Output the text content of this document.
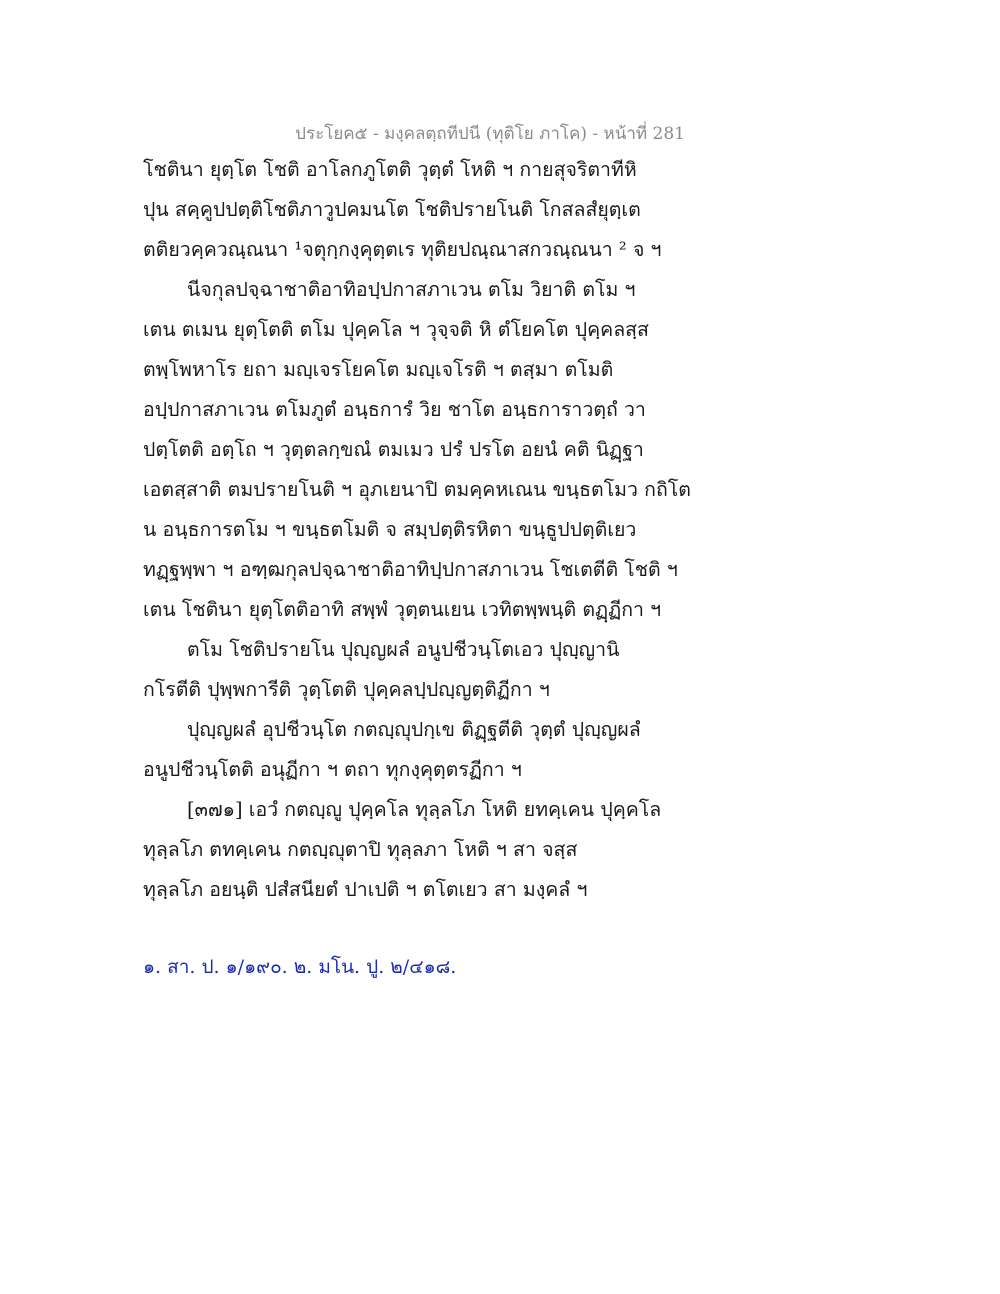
ประโยค๕ - มงฺคลตฺถทีปนี (ทุติโย ภาโค) - หน้าที่ 281
โชตินา ยุตฺโต โชติ อาโลกภูโตติ วุตฺตํ โหติ ฯ กายสุจริตาทีหิ
ปุน สคฺคูปปตฺติโชติภาวูปคมนโต โชติปรายโนติ โกสลสํยุตฺเต
ตติยวคฺควณฺณนา ¹จตุกฺกงฺคุตฺตเร ทุติยปณฺณาสกวณฺณนา ² จ ฯ
นีจกุลปจฺฉาชาติอาทิอปฺปกาสภาเวน ตโม วิยาติ ตโม ฯ
เตน ตเมน ยุตฺโตติ ตโม ปุคฺคโล ฯ วุจฺจติ หิ ตํโยคโต ปุคฺคลสฺส
ตพฺโพหาโร ยถา มญฺเจรโยคโต มญฺเจโรติ ฯ ตสฺมา ตโมติ
อปฺปกาสภาเวน ตโมภูตํ อนฺธการํ วิย ชาโต อนฺธการาวตฺถํ วา
ปตฺโตติ อตฺโถ ฯ วุตฺตลกฺขณํ ตมเมว ปรํ ปรโต อยนํ คติ นิฏฺฐา
เอตสฺสาติ ตมปรายโนติ ฯ อุภเยนาปิ ตมคฺคหเณน ขนฺธตโมว กถิโต
น อนฺธการตโม ฯ ขนฺธตโมติ จ สมฺปตฺติรหิตา ขนฺธูปปตฺติเยว
ทฏฺฐพฺพา ฯ อฑฺฒกุลปจฺฉาชาติอาทิปฺปกาสภาเวน โชเตตีติ โชติ ฯ
เตน โชตินา ยุตฺโตติอาทิ สพฺพํ วุตฺตนเยน เวทิตพฺพนฺติ ตฏฺฏีกา ฯ
ตโม โชติปรายโน ปุญฺญผลํ อนูปชีวนฺโตเอว ปุญฺญานิ
กโรตีติ ปุพฺพการีติ วุตฺโตติ ปุคฺคลปฺปญฺญตฺติฏีกา ฯ
ปุญฺญผลํ อุปชีวนฺโต กตญฺญุปกฺเข ติฏฺฐตีติ วุตฺตํ ปุญฺญผลํ
อนูปชีวนฺโตติ อนุฏีกา ฯ ตถา ทุกงฺคุตฺตรฏีกา ฯ
[๓๗๑] เอวํ กตญฺญู ปุคฺคโล ทุลฺลโภ โหติ ยทคฺเคน ปุคฺคโล
ทุลฺลโภ ตทคฺเคน กตญฺญุตาปิ ทุลฺลภา โหติ ฯ สา จสฺส
ทุลฺลโภ อยนฺติ ปสํสนียตํ ปาเปติ ฯ ตโตเยว สา มงฺคลํ ฯ
๑. สา. ป. ๑/๑๙๐. ๒. มโน. ปู. ๒/๔๑๘.
